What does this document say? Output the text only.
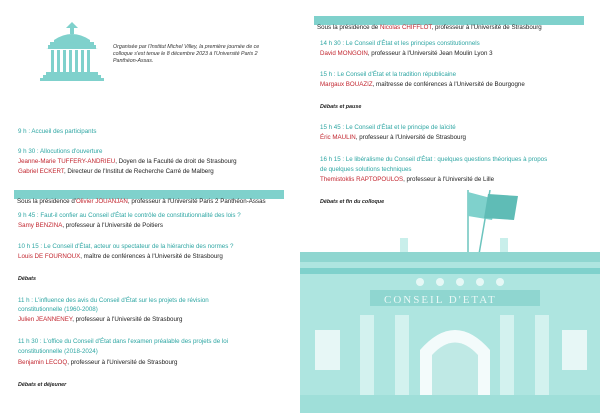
Organisée par l'Institut Michel Villey, la première journée de ce colloque s'est tenue le 8 décembre 2023 à l'Université Paris 2 Panthéon-Assas.
9 h : Accueil des participants
9 h 30 : Allocutions d'ouverture
Jeanne-Marie TUFFERY-ANDRIEU, Doyen de la Faculté de droit de Strasbourg
Gabriel ECKERT, Directeur de l'Institut de Recherche Carré de Malberg
Sous la présidence d'Olivier JOUANJAN, professeur à l'Université Paris 2 Panthéon-Assas
9 h 45 : Faut-il confier au Conseil d'État le contrôle de constitutionnalité des lois ?
Samy BENZINA, professeur à l'Université de Poitiers
10 h 15 : Le Conseil d'État, acteur ou spectateur de la hiérarchie des normes ?
Louis DE FOURNOUX, maître de conférences à l'Université de Strasbourg
Débats
11 h : L'influence des avis du Conseil d'État sur les projets de révision
constitutionnelle (1960-2008)
Julien JEANNENEY, professeur à l'Université de Strasbourg
11 h 30 : L'office du Conseil d'État dans l'examen préalable des projets de loi
constitutionnelle (2018-2024)
Benjamin LECOQ, professeur à l'Université de Strasbourg
Débats et déjeuner
CONSEIL D'ETAT
Sous la présidence de Nicolas CHIFFLOT, professeur à l'Université de Strasbourg
14 h 30 : Le Conseil d'État et les principes constitutionnels
David MONGOIN, professeur à l'Université Jean Moulin Lyon 3
15 h : Le Conseil d'État et la tradition républicaine
Margaux BOUAZIZ, maîtresse de conférences à l'Université de Bourgogne
Débats et pause
15 h 45 : Le Conseil d'État et le principe de laïcité
Éric MAULIN, professeur à l'Université de Strasbourg
16 h 15 : Le libéralisme du Conseil d'État : quelques questions théoriques à propos
de quelques solutions techniques
Themistoklis RAPTOPOULOS, professeur à l'Université de Lille
Débats et fin du colloque
